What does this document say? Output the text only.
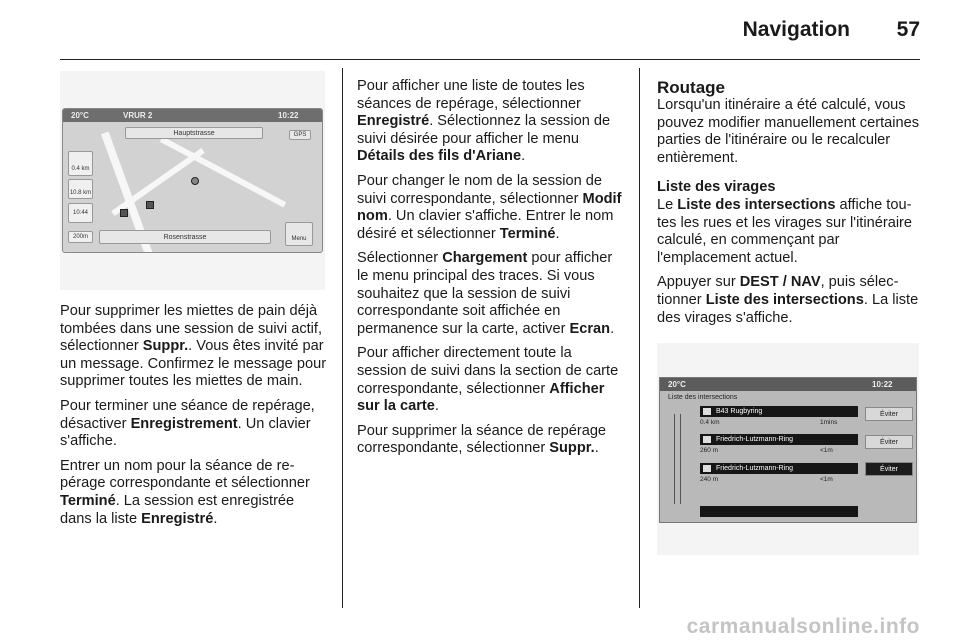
Navigation	57
20°C	VRUR 2	10:22
Hauptstrasse	GPS
0.4 km
10.8 km
10:44
200m	Rosenstrasse	Menu

Pour supprimer les miettes de pain déjà tombées dans une session de suivi actif, sélectionner Suppr.. Vous êtes invité par un message. Confirmez le message pour supprimer toutes les miettes de main.

Pour terminer une séance de repérage, désactiver Enregistrement. Un clavier s'affiche.

Entrer un nom pour la séance de repérage correspondante et sélectionner Terminé. La session est enregistrée dans la liste Enregistré.

Pour afficher une liste de toutes les séances de repérage, sélectionner Enregistré. Sélectionnez la session de suivi désirée pour afficher le menu Détails des fils d'Ariane.

Pour changer le nom de la session de suivi correspondante, sélectionner Modif nom. Un clavier s'affiche. Entrer le nom désiré et sélectionner Terminé.

Sélectionner Chargement pour afficher le menu principal des traces. Si vous souhaitez que la session de suivi correspondante soit affichée en permanence sur la carte, activer Ecran.

Pour afficher directement toute la session de suivi dans la section de carte correspondante, sélectionner Afficher sur la carte.

Pour supprimer la séance de repérage correspondante, sélectionner Suppr..

Routage

Lorsqu'un itinéraire a été calculé, vous pouvez modifier manuellement certaines parties de l'itinéraire ou le recalculer entièrement.

Liste des virages

Le Liste des intersections affiche toutes les rues et les virages sur l'itinéraire calculé, en commençant par l'emplacement actuel.

Appuyer sur DEST / NAV, puis sélectionner Liste des intersections. La liste des virages s'affiche.

20°C	10:22
Liste des intersections
B43 Rugbyring
0.4 km	1mins
Éviter
Friedrich-Lutzmann-Ring
260 m	<1m
Éviter
Friedrich-Lutzmann-Ring
240 m	<1m
Éviter
carmanualsonline.info
